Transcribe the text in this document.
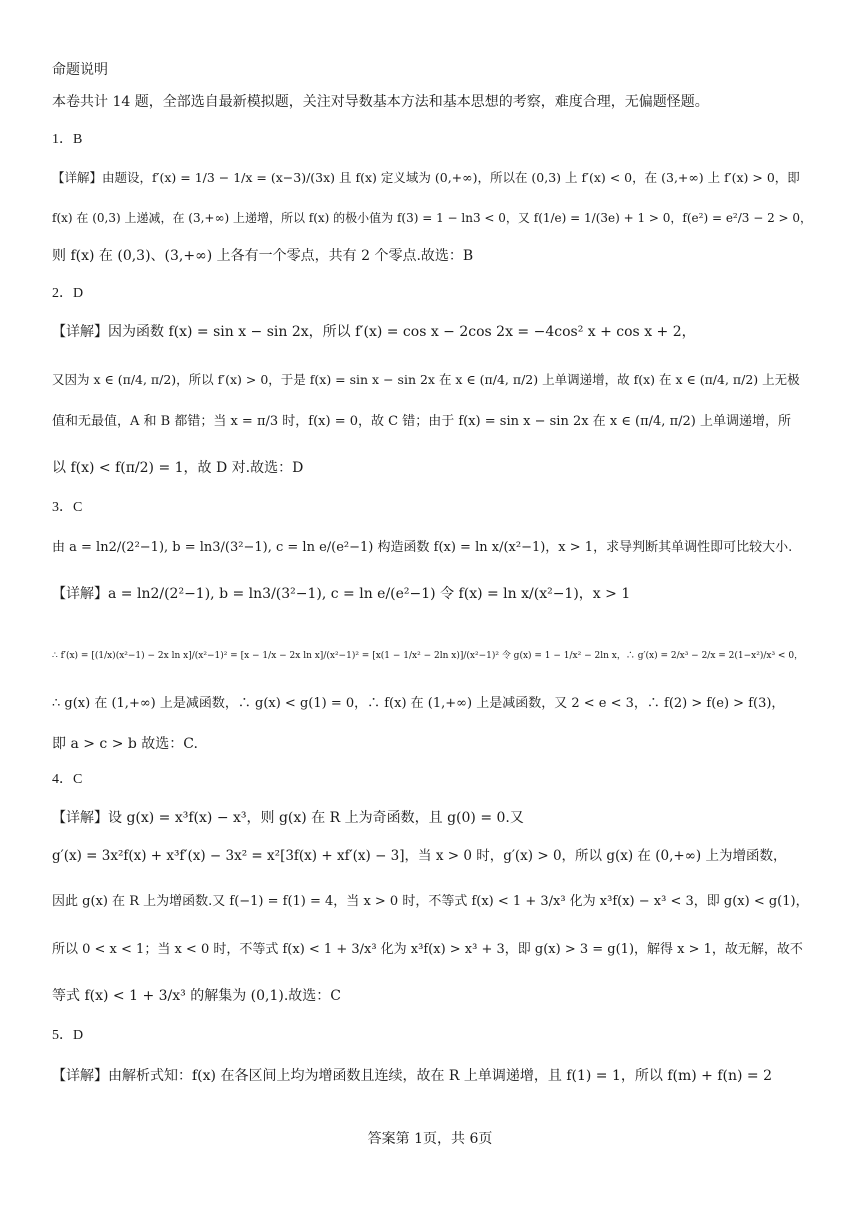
命题说明

本卷共计 14 题，全部选自最新模拟题，关注对导数基本方法和基本思想的考察，难度合理，无偏题怪题。

1．B

【详解】由题设，f′(x) = 1/3 − 1/x = (x−3)/(3x) 且 f(x) 定义域为 (0,+∞)，所以在 (0,3) 上 f′(x) < 0，在 (3,+∞) 上 f′(x) > 0，即

f(x) 在 (0,3) 上递减，在 (3,+∞) 上递增，所以 f(x) 的极小值为 f(3) = 1 − ln3 < 0，又 f(1/e) = 1/(3e) + 1 > 0，f(e²) = e²/3 − 2 > 0，

则 f(x) 在 (0,3)、(3,+∞) 上各有一个零点，共有 2 个零点.故选：B

2．D

【详解】因为函数 f(x) = sin x − sin 2x，所以 f′(x) = cos x − 2cos 2x = −4cos² x + cos x + 2，

又因为 x ∈ (π/4, π/2)，所以 f′(x) > 0，于是 f(x) = sin x − sin 2x 在 x ∈ (π/4, π/2) 上单调递增，故 f(x) 在 x ∈ (π/4, π/2) 上无极

值和无最值，A 和 B 都错；当 x = π/3 时，f(x) = 0，故 C 错；由于 f(x) = sin x − sin 2x 在 x ∈ (π/4, π/2) 上单调递增，所

以 f(x) < f(π/2) = 1，故 D 对.故选：D

3．C

由 a = ln2/(2²−1), b = ln3/(3²−1), c = ln e/(e²−1) 构造函数 f(x) = ln x/(x²−1)，x > 1，求导判断其单调性即可比较大小.

【详解】a = ln2/(2²−1), b = ln3/(3²−1), c = ln e/(e²−1) 令 f(x) = ln x/(x²−1)，x > 1

∴ f′(x) = [(1/x)(x²−1) − 2x ln x]/(x²−1)² = [x − 1/x − 2x ln x]/(x²−1)² = [x(1 − 1/x² − 2ln x)]/(x²−1)² 令 g(x) = 1 − 1/x² − 2ln x，∴ g′(x) = 2/x³ − 2/x = 2(1−x²)/x³ < 0，

∴ g(x) 在 (1,+∞) 上是减函数，∴ g(x) < g(1) = 0，∴ f(x) 在 (1,+∞) 上是减函数，又 2 < e < 3，∴ f(2) > f(e) > f(3)，

即 a > c > b 故选：C.

4．C

【详解】设 g(x) = x³f(x) − x³，则 g(x) 在 R 上为奇函数，且 g(0) = 0.又

g′(x) = 3x²f(x) + x³f′(x) − 3x² = x²[3f(x) + xf′(x) − 3]，当 x > 0 时，g′(x) > 0，所以 g(x) 在 (0,+∞) 上为增函数，

因此 g(x) 在 R 上为增函数.又 f(−1) = f(1) = 4，当 x > 0 时，不等式 f(x) < 1 + 3/x³ 化为 x³f(x) − x³ < 3，即 g(x) < g(1)，

所以 0 < x < 1；当 x < 0 时，不等式 f(x) < 1 + 3/x³ 化为 x³f(x) > x³ + 3，即 g(x) > 3 = g(1)，解得 x > 1，故无解，故不

等式 f(x) < 1 + 3/x³ 的解集为 (0,1).故选：C

5．D

【详解】由解析式知：f(x) 在各区间上均为增函数且连续，故在 R 上单调递增，且 f(1) = 1，所以 f(m) + f(n) = 2

答案第 1页，共 6页
